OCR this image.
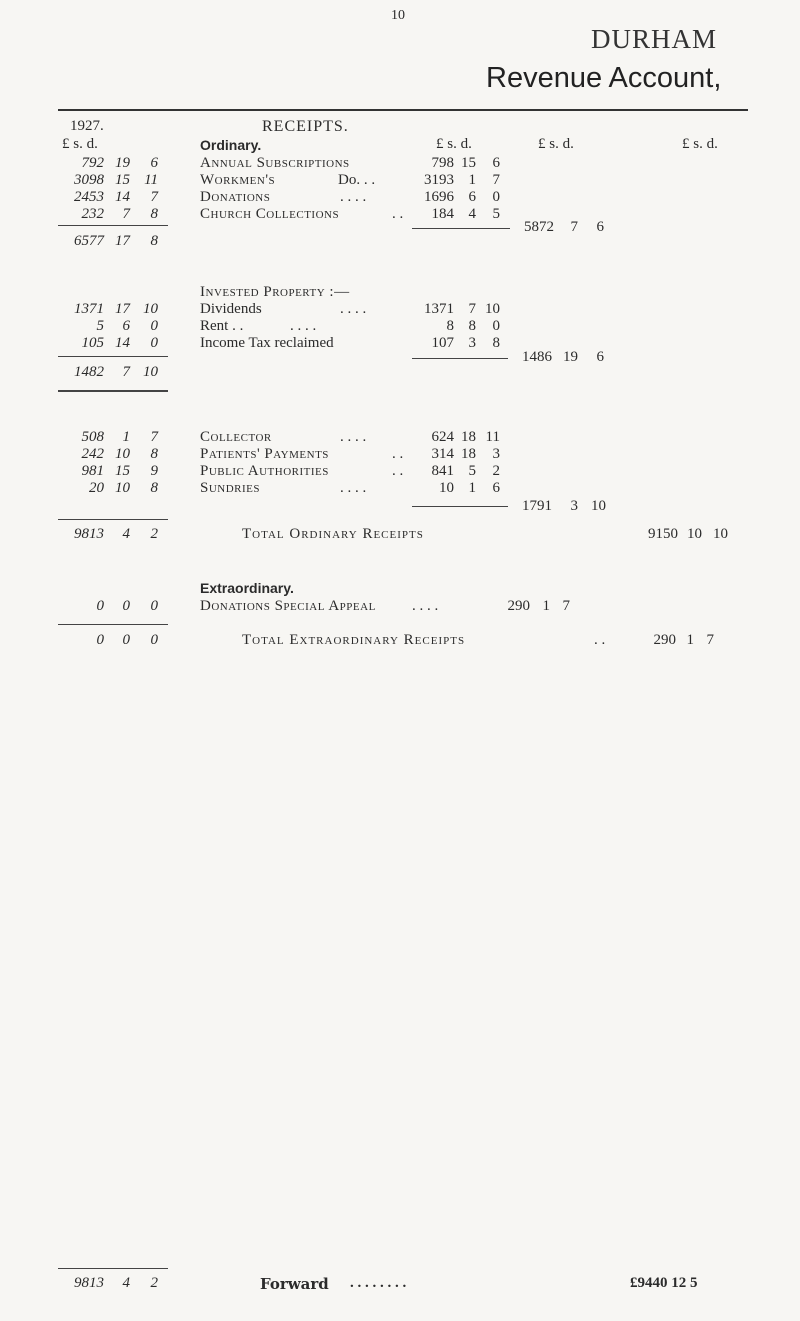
10
DURHAM
Revenue Account,
1927.
£ s. d.
RECEIPTS.
£ s. d.	£ s. d.	£ s. d.
Ordinary.
792 19	6	Annual Subscriptions	798 15	6
3098 15 11	Workmen's	Do. . .	3193 1	7
2453 14	7	Donations	. . . .	1696 6	0
232	7	8	Church Collections	. .	184 4	5
5872	7	6
6577 17	8
Invested Property :—
1371 17 10	Dividends	. . . .	1371 7 10
5	6	0	Rent . .	. . . .	8 8	0
105 14	0	Income Tax reclaimed	107 3	8
1486 19	6
1482	7 10
508	1	7	Collector	. . . .	624 18 11
242 10	8	Patients' Payments	. .	314 18	3
981 15	9	Public Authorities	. .	841 5	2
20 10	8	Sundries	. . . .	10 1	6
1791	3 10
9813	4	2	Total Ordinary Receipts	9150 10 10
Extraordinary.
0	0	0	Donations Special Appeal . . . .	290 1 7
0	0	0	Total Extraordinary Receipts	. .	290 1 7
9813	4	2	Forward . . . . . . . .	£9440 12 5
